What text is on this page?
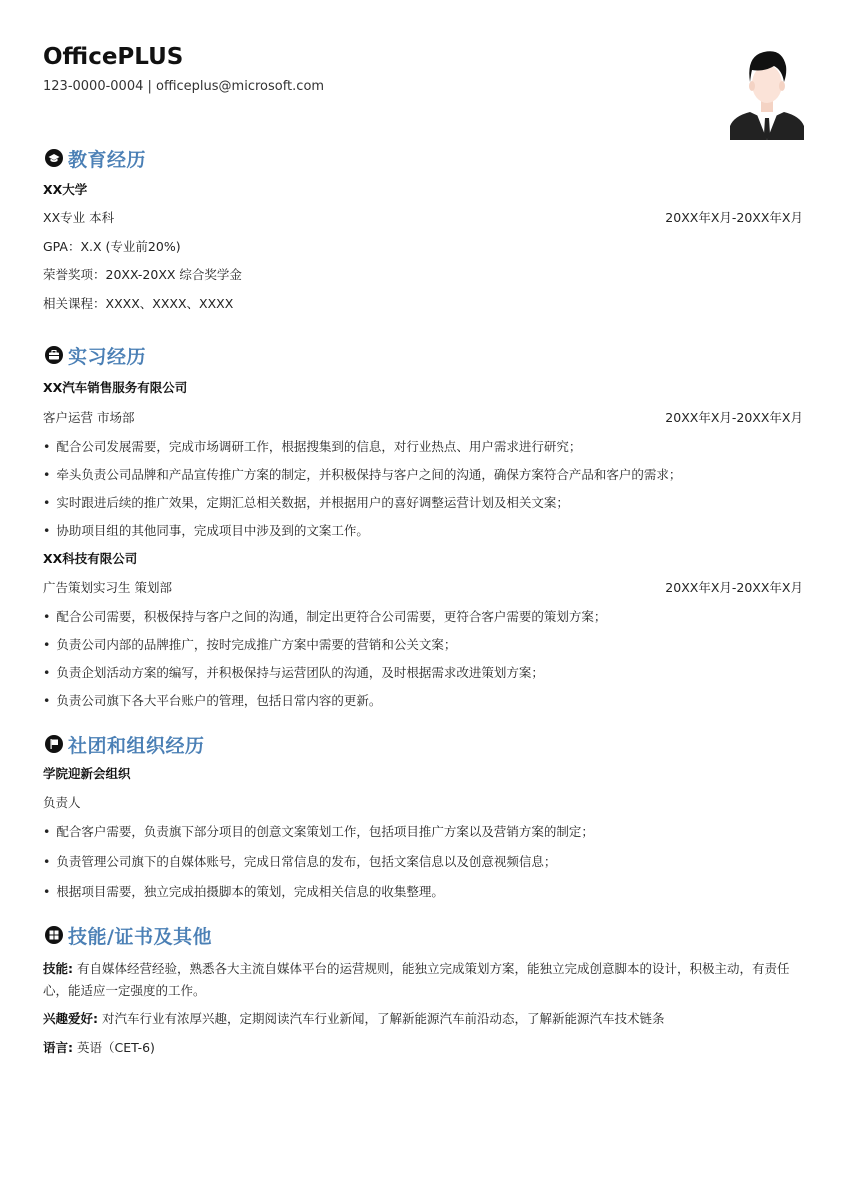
OfficePLUS
123-0000-0004 | officeplus@microsoft.com
教育经历
XX大学
XX专业 本科	20XX年X月-20XX年X月
GPA：X.X (专业前20%)
荣誉奖项：20XX-20XX 综合奖学金
相关课程：XXXX、XXXX、XXXX
实习经历
XX汽车销售服务有限公司
客户运营 市场部	20XX年X月-20XX年X月
• 配合公司发展需要，完成市场调研工作，根据搜集到的信息，对行业热点、用户需求进行研究；
• 牵头负责公司品牌和产品宣传推广方案的制定，并积极保持与客户之间的沟通，确保方案符合产品和客户的需求；
• 实时跟进后续的推广效果，定期汇总相关数据，并根据用户的喜好调整运营计划及相关文案；
• 协助项目组的其他同事，完成项目中涉及到的文案工作。
XX科技有限公司
广告策划实习生 策划部	20XX年X月-20XX年X月
• 配合公司需要，积极保持与客户之间的沟通，制定出更符合公司需要，更符合客户需要的策划方案；
• 负责公司内部的品牌推广，按时完成推广方案中需要的营销和公关文案；
• 负责企划活动方案的编写，并积极保持与运营团队的沟通，及时根据需求改进策划方案；
• 负责公司旗下各大平台账户的管理，包括日常内容的更新。
社团和组织经历
学院迎新会组织
负责人
• 配合客户需要，负责旗下部分项目的创意文案策划工作，包括项目推广方案以及营销方案的制定；
• 负责管理公司旗下的自媒体账号，完成日常信息的发布，包括文案信息以及创意视频信息；
• 根据项目需要，独立完成拍摄脚本的策划，完成相关信息的收集整理。
技能/证书及其他
技能: 有自媒体经营经验，熟悉各大主流自媒体平台的运营规则，能独立完成策划方案，能独立完成创意脚本的设计，积极主动，有责任心，能适应一定强度的工作。
兴趣爱好: 对汽车行业有浓厚兴趣，定期阅读汽车行业新闻，了解新能源汽车前沿动态，了解新能源汽车技术链条
语言: 英语（CET-6)
